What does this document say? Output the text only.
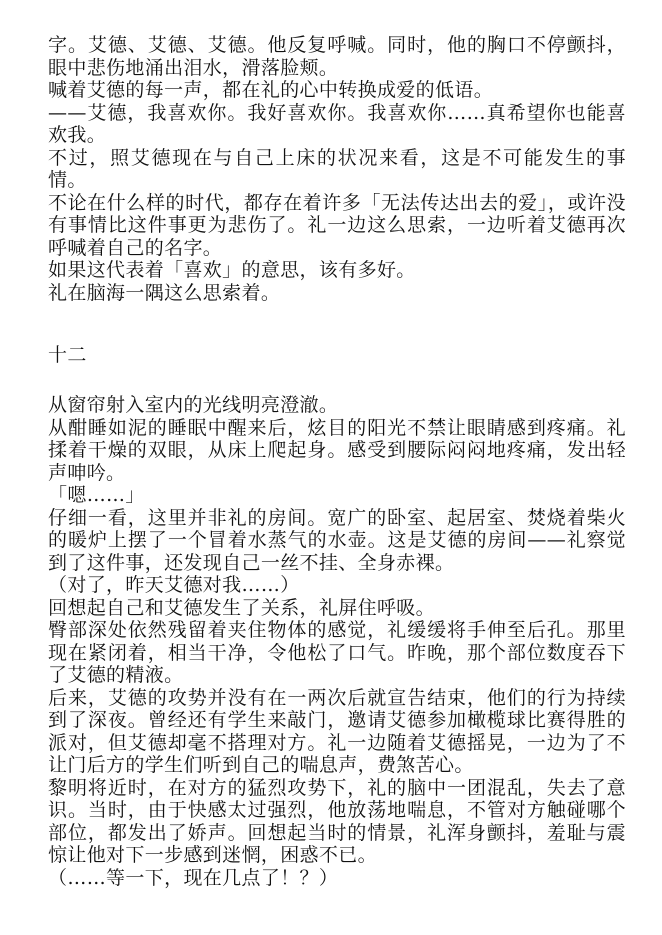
字。艾德、艾德、艾德。他反复呼喊。同时，他的胸口不停颤抖，眼中悲伤地涌出泪水，滑落脸颊。

喊着艾德的每一声，都在礼的心中转换成爱的低语。

——艾德，我喜欢你。我好喜欢你。我喜欢你……真希望你也能喜欢我。

不过，照艾德现在与自己上床的状况来看，这是不可能发生的事情。

不论在什么样的时代，都存在着许多「无法传达出去的爱」，或许没有事情比这件事更为悲伤了。礼一边这么思索，一边听着艾德再次呼喊着自己的名字。

如果这代表着「喜欢」的意思，该有多好。

礼在脑海一隅这么思索着。

十二

从窗帘射入室内的光线明亮澄澈。

从酣睡如泥的睡眠中醒来后，炫目的阳光不禁让眼睛感到疼痛。礼揉着干燥的双眼，从床上爬起身。感受到腰际闷闷地疼痛，发出轻声呻吟。

「嗯……」

仔细一看，这里并非礼的房间。宽广的卧室、起居室、焚烧着柴火的暖炉上摆了一个冒着水蒸气的水壶。这是艾德的房间——礼察觉到了这件事，还发现自己一丝不挂、全身赤裸。

（对了，昨天艾德对我……）

回想起自己和艾德发生了关系，礼屏住呼吸。

臀部深处依然残留着夹住物体的感觉，礼缓缓将手伸至后孔。那里现在紧闭着，相当干净，令他松了口气。昨晚，那个部位数度吞下了艾德的精液。

后来，艾德的攻势并没有在一两次后就宣告结束，他们的行为持续到了深夜。曾经还有学生来敲门，邀请艾德参加橄榄球比赛得胜的派对，但艾德却毫不搭理对方。礼一边随着艾德摇晃，一边为了不让门后方的学生们听到自己的喘息声，费煞苦心。

黎明将近时，在对方的猛烈攻势下，礼的脑中一团混乱，失去了意识。当时，由于快感太过强烈，他放荡地喘息，不管对方触碰哪个部位，都发出了娇声。回想起当时的情景，礼浑身颤抖，羞耻与震惊让他对下一步感到迷惘，困惑不已。

（……等一下，现在几点了！？）
